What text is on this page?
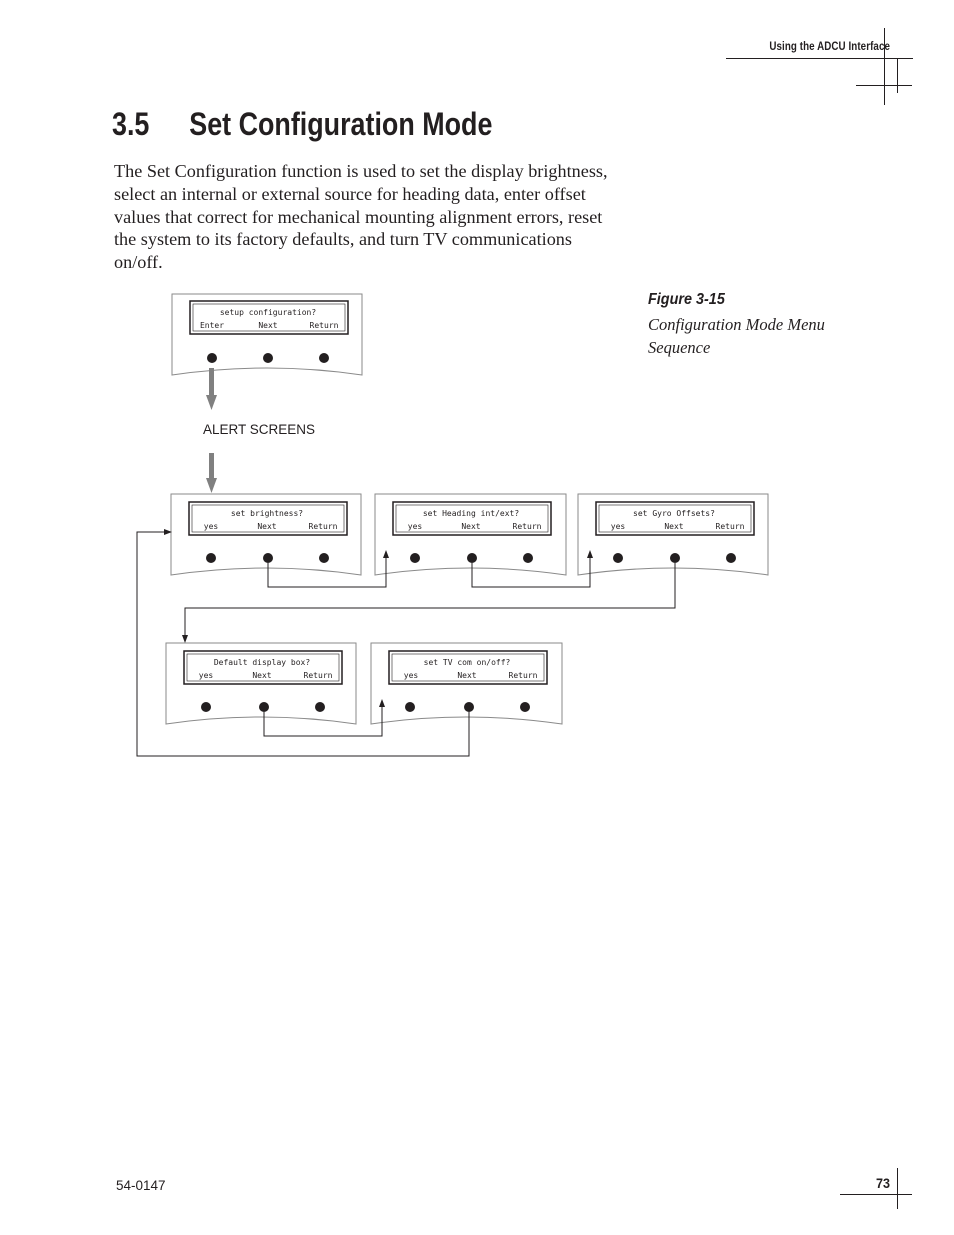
Using the ADCU Interface
3.5 Set Configuration Mode

The Set Configuration function is used to set the display brightness, select an internal or external source for heading data, enter offset values that correct for mechanical mounting alignment errors, reset the system to its factory defaults, and turn TV communications on/off.

Figure 3-15
Configuration Mode Menu Sequence
setup configuration?
Enter	Next	Return
ALERT SCREENS
set brightness?
yes	Next	Return
set Heading int/ext?
yes	Next	Return
set Gyro Offsets?
yes	Next	Return
Default display box?
yes	Next	Return
set TV com on/off?
yes	Next	Return
54-0147	73
